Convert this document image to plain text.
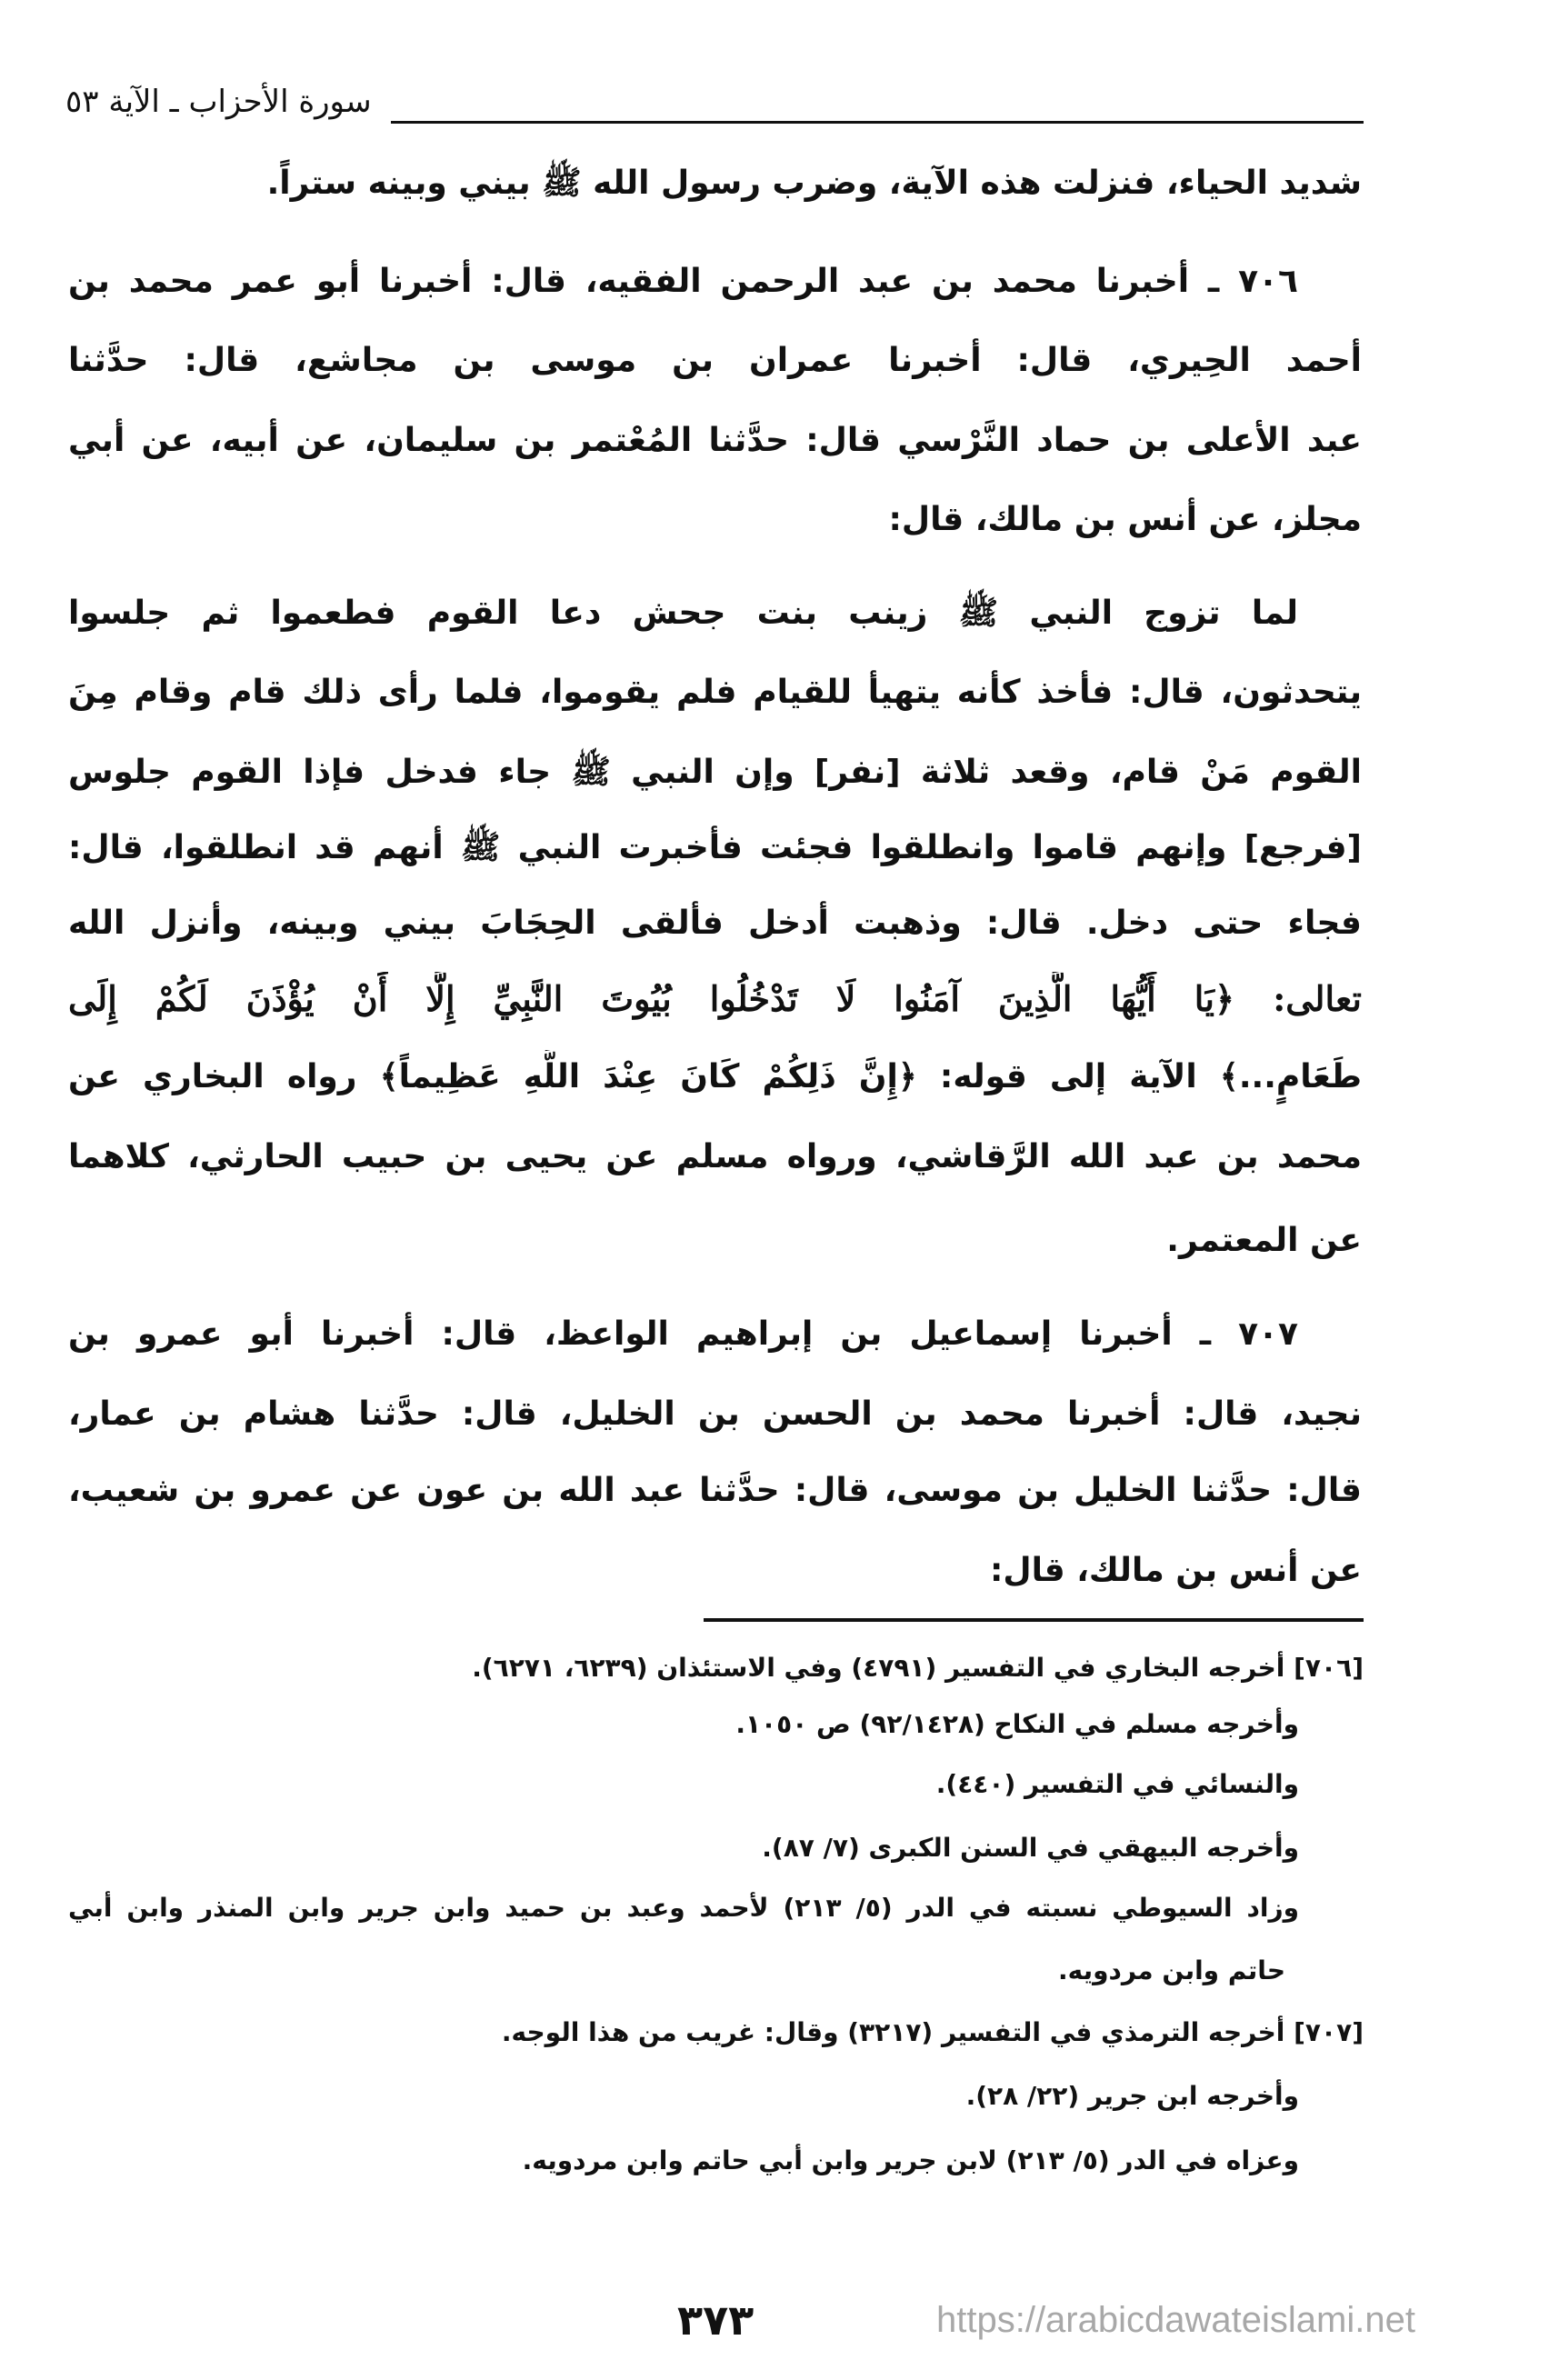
سورة الأحزاب ـ الآية ٥٣
شديد الحياء، فنزلت هذه الآية، وضرب رسول الله ﷺ بيني وبينه ستراً.
٧٠٦ ـ أخبرنا محمد بن عبد الرحمن الفقيه، قال: أخبرنا أبو عمر محمد بن
أحمد الحِيري، قال: أخبرنا عمران بن موسى بن مجاشع، قال: حدَّثنا
عبد الأعلى بن حماد النَّرْسي قال: حدَّثنا المُعْتمر بن سليمان، عن أبيه، عن أبي
مجلز، عن أنس بن مالك، قال:
لما تزوج النبي ﷺ زينب بنت جحش دعا القوم فطعموا ثم جلسوا
يتحدثون، قال: فأخذ كأنه يتهيأ للقيام فلم يقوموا، فلما رأى ذلك قام وقام مِنَ
القوم مَنْ قام، وقعد ثلاثة [نفر] وإن النبي ﷺ جاء فدخل فإذا القوم جلوس
[فرجع] وإنهم قاموا وانطلقوا فجئت فأخبرت النبي ﷺ أنهم قد انطلقوا، قال:
فجاء حتى دخل. قال: وذهبت أدخل فألقى الحِجَابَ بيني وبينه، وأنزل الله
تعالى: ﴿يَا أَيُّهَا الَّذِينَ آمَنُوا لَا تَدْخُلُوا بُيُوتَ النَّبِيِّ إِلَّا أَنْ يُؤْذَنَ لَكُمْ إِلَى
طَعَامٍ...﴾ الآية إلى قوله: ﴿إِنَّ ذَلِكُمْ كَانَ عِنْدَ اللَّهِ عَظِيماً﴾ رواه البخاري عن
محمد بن عبد الله الرَّقاشي، ورواه مسلم عن يحيى بن حبيب الحارثي، كلاهما
عن المعتمر.
٧٠٧ ـ أخبرنا إسماعيل بن إبراهيم الواعظ، قال: أخبرنا أبو عمرو بن
نجيد، قال: أخبرنا محمد بن الحسن بن الخليل، قال: حدَّثنا هشام بن عمار،
قال: حدَّثنا الخليل بن موسى، قال: حدَّثنا عبد الله بن عون عن عمرو بن شعيب،
عن أنس بن مالك، قال:
[٧٠٦] أخرجه البخاري في التفسير (٤٧٩١) وفي الاستئذان (٦٢٣٩، ٦٢٧١).
وأخرجه مسلم في النكاح (٩٢/١٤٢٨) ص ١٠٥٠.
والنسائي في التفسير (٤٤٠).
وأخرجه البيهقي في السنن الكبرى (٧/ ٨٧).
وزاد السيوطي نسبته في الدر (٥/ ٢١٣) لأحمد وعبد بن حميد وابن جرير وابن المنذر وابن أبي
حاتم وابن مردويه.
[٧٠٧] أخرجه الترمذي في التفسير (٣٢١٧) وقال: غريب من هذا الوجه.
وأخرجه ابن جرير (٢٢/ ٢٨).
وعزاه في الدر (٥/ ٢١٣) لابن جرير وابن أبي حاتم وابن مردويه.
٣٧٣	https://arabicdawateislami.net
